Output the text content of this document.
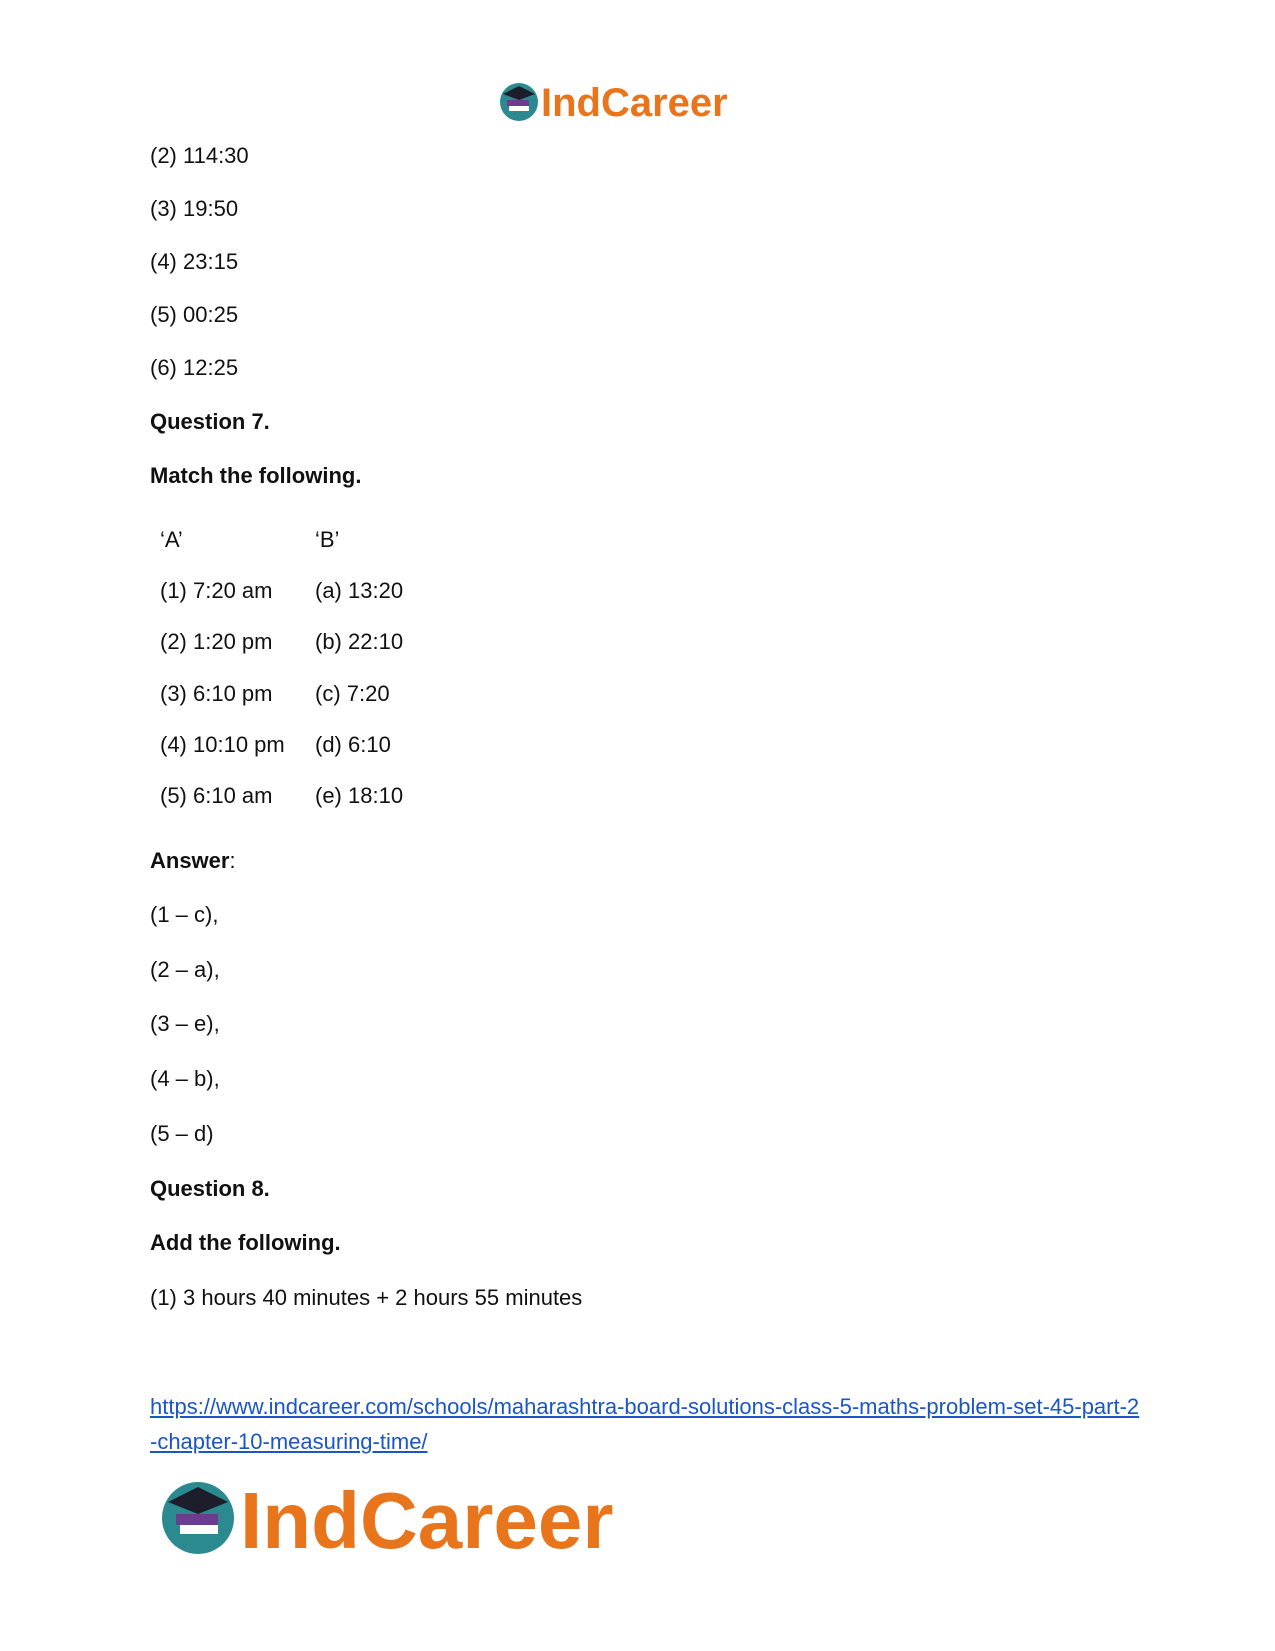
IndCareer
(2) 114:30
(3) 19:50
(4) 23:15
(5) 00:25
(6) 12:25
Question 7.
Match the following.
‘A’	‘B’
(1) 7:20 am (a) 13:20
(2) 1:20 pm (b) 22:10
(3) 6:10 pm (c) 7:20
(4) 10:10 pm (d) 6:10
(5) 6:10 am (e) 18:10
Answer:
(1 – c),
(2 – a),
(3 – e),
(4 – b),
(5 – d)
Question 8.
Add the following.
(1) 3 hours 40 minutes + 2 hours 55 minutes
https://www.indcareer.com/schools/maharashtra-board-solutions-class-5-maths-problem-set-45-part-2-chapter-10-measuring-time/
IndCareer
